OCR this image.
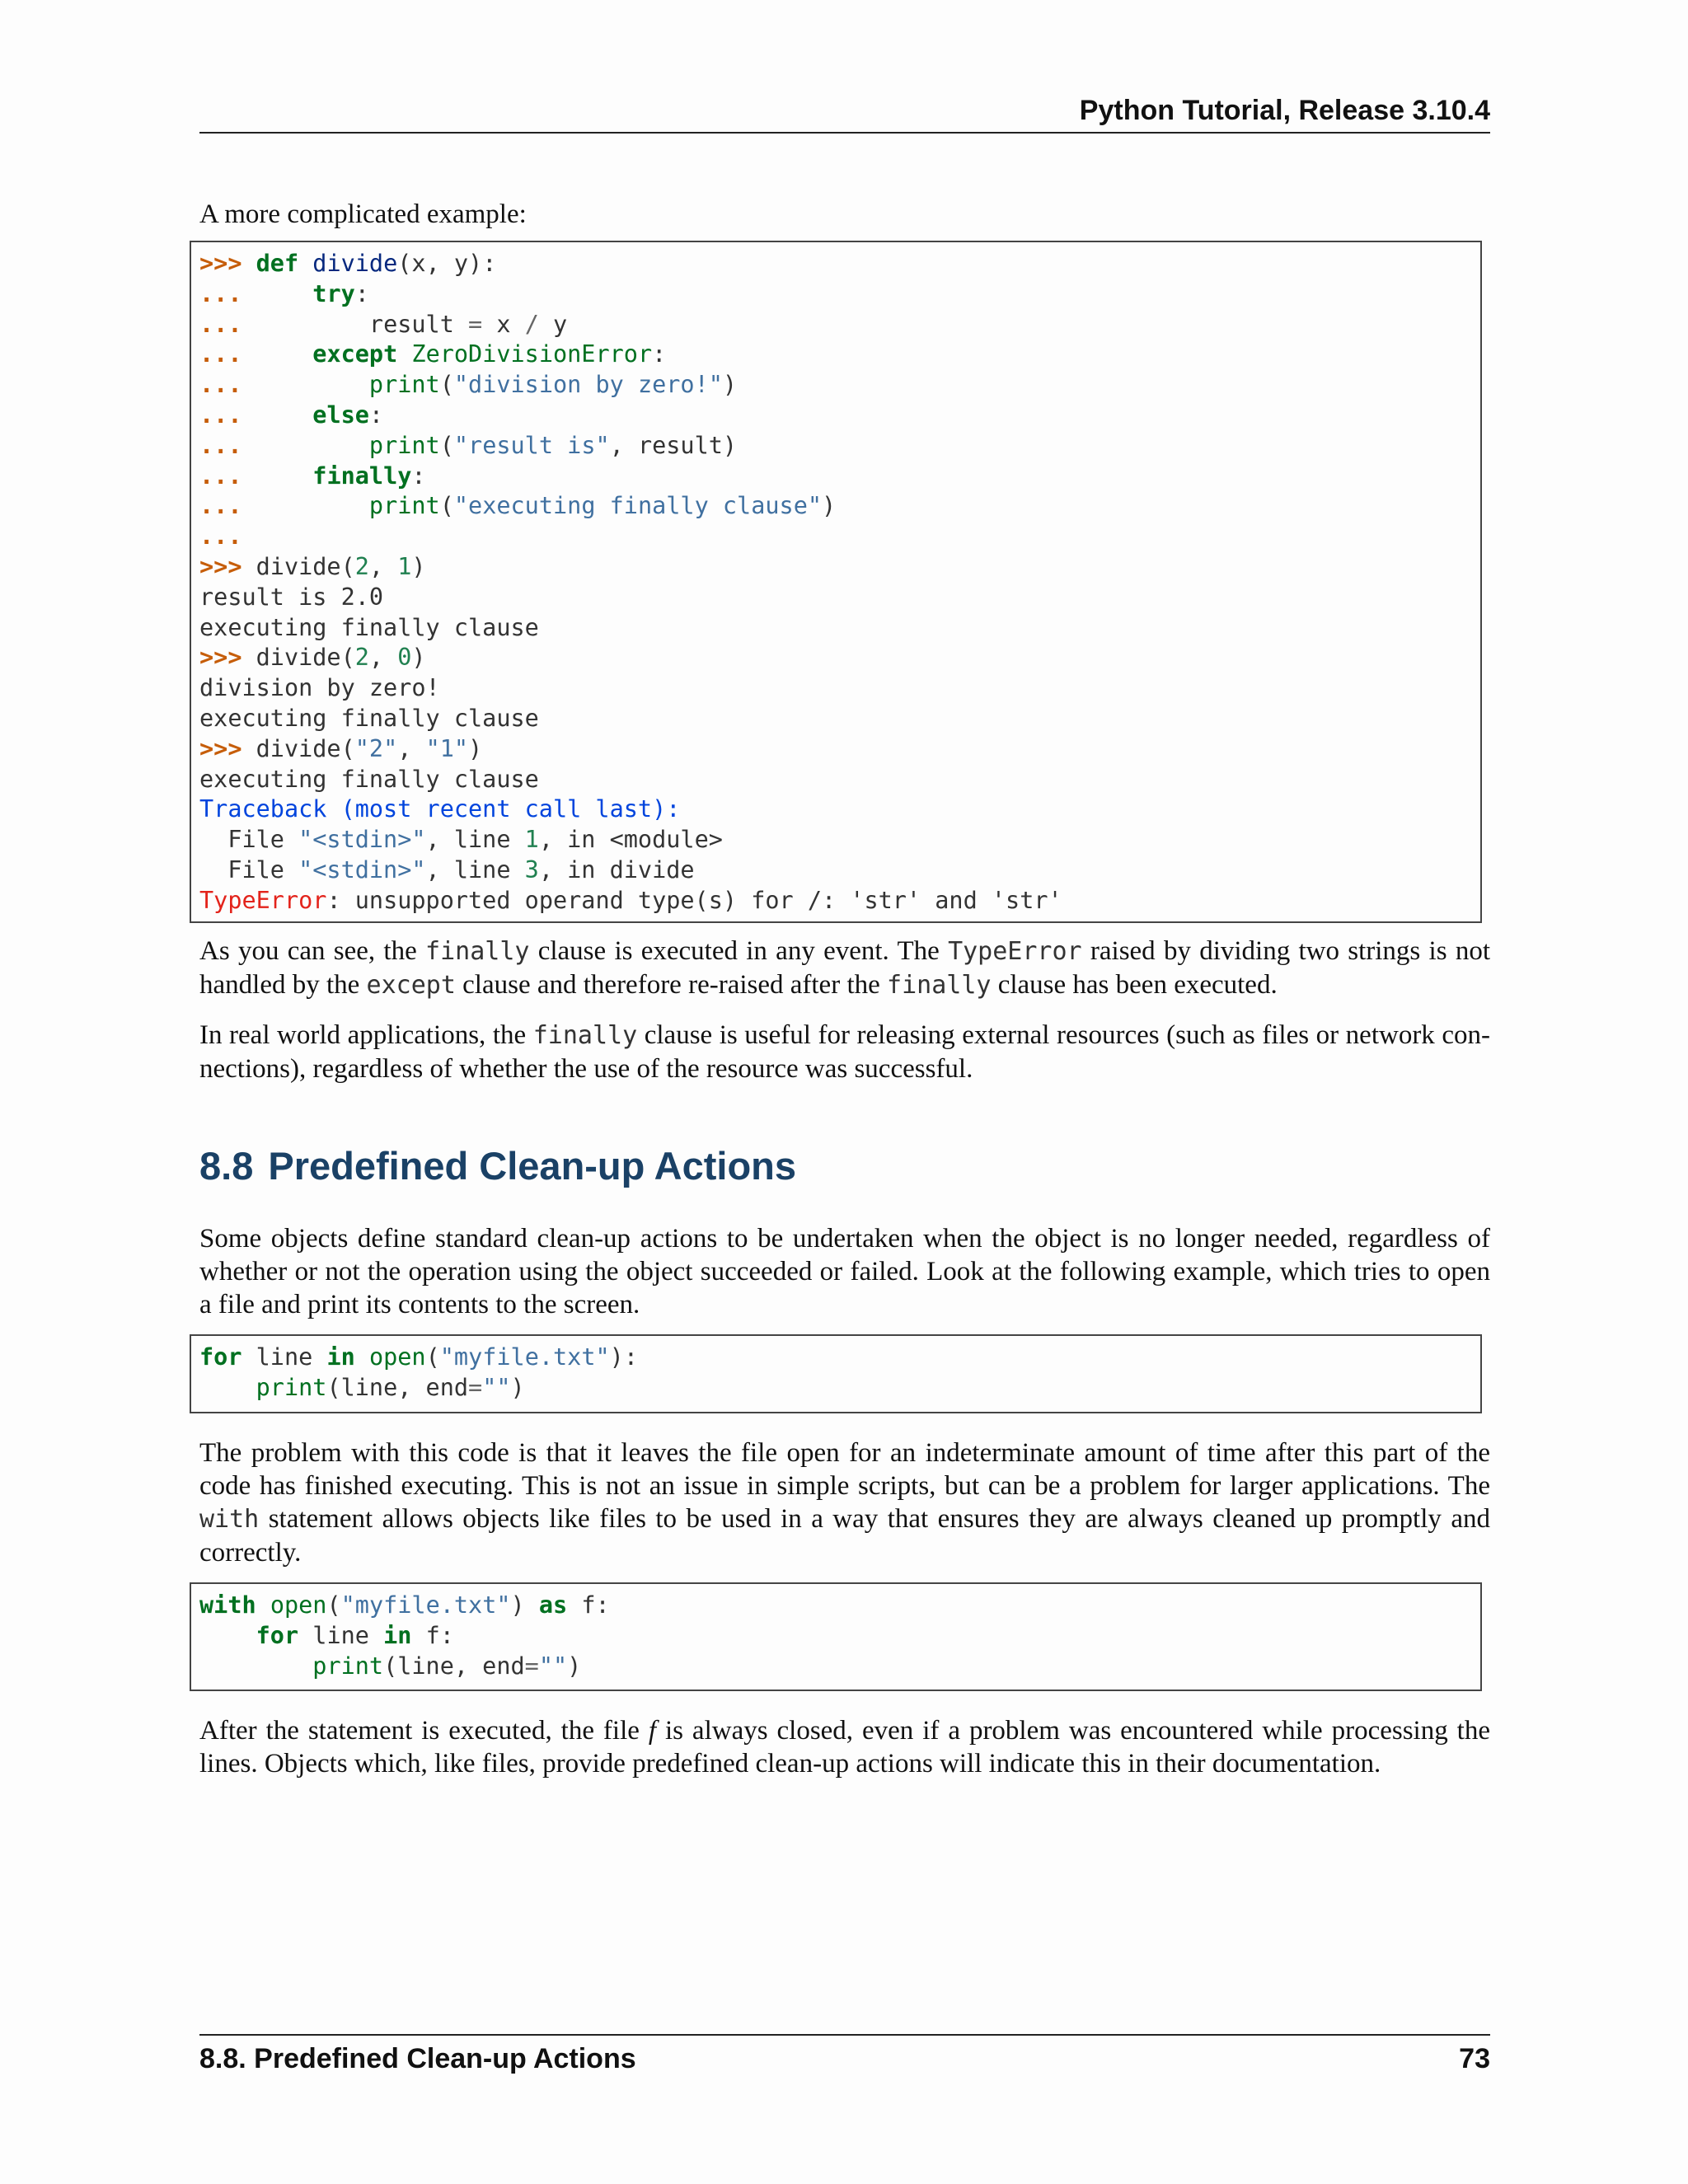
Python Tutorial, Release 3.10.4

A more complicated example:

>>> def divide(x, y):
...     try:
...         result = x / y
...     except ZeroDivisionError:
...	print("division by zero!")
...     else:
...	print("result is", result)
...     finally:
...	print("executing finally clause")
...
>>> divide(2, 1)
result is 2.0
executing finally clause
>>> divide(2, 0)
division by zero!
executing finally clause
>>> divide("2", "1")
executing finally clause
Traceback (most recent call last):
File "<stdin>", line 1, in <module>
File "<stdin>", line 3, in divide
TypeError: unsupported operand type(s) for /: 'str' and 'str'

As you can see, the finally clause is executed in any event. The TypeError raised by dividing two strings is not handled by the except clause and therefore re-raised after the finally clause has been executed.

In real world applications, the finally clause is useful for releasing external resources (such as files or network con-nections), regardless of whether the use of the resource was successful.

8.8 Predefined Clean-up Actions

Some objects define standard clean-up actions to be undertaken when the object is no longer needed, regardless of whether or not the operation using the object succeeded or failed. Look at the following example, which tries to open a file and print its contents to the screen.

for line in open("myfile.txt"):
print(line, end="")

The problem with this code is that it leaves the file open for an indeterminate amount of time after this part of the code has finished executing. This is not an issue in simple scripts, but can be a problem for larger applications. The with statement allows objects like files to be used in a way that ensures they are always cleaned up promptly and correctly.

with open("myfile.txt") as f:
for line in f:
print(line, end="")

After the statement is executed, the file f is always closed, even if a problem was encountered while processing the lines. Objects which, like files, provide predefined clean-up actions will indicate this in their documentation.

8.8. Predefined Clean-up Actions	73
